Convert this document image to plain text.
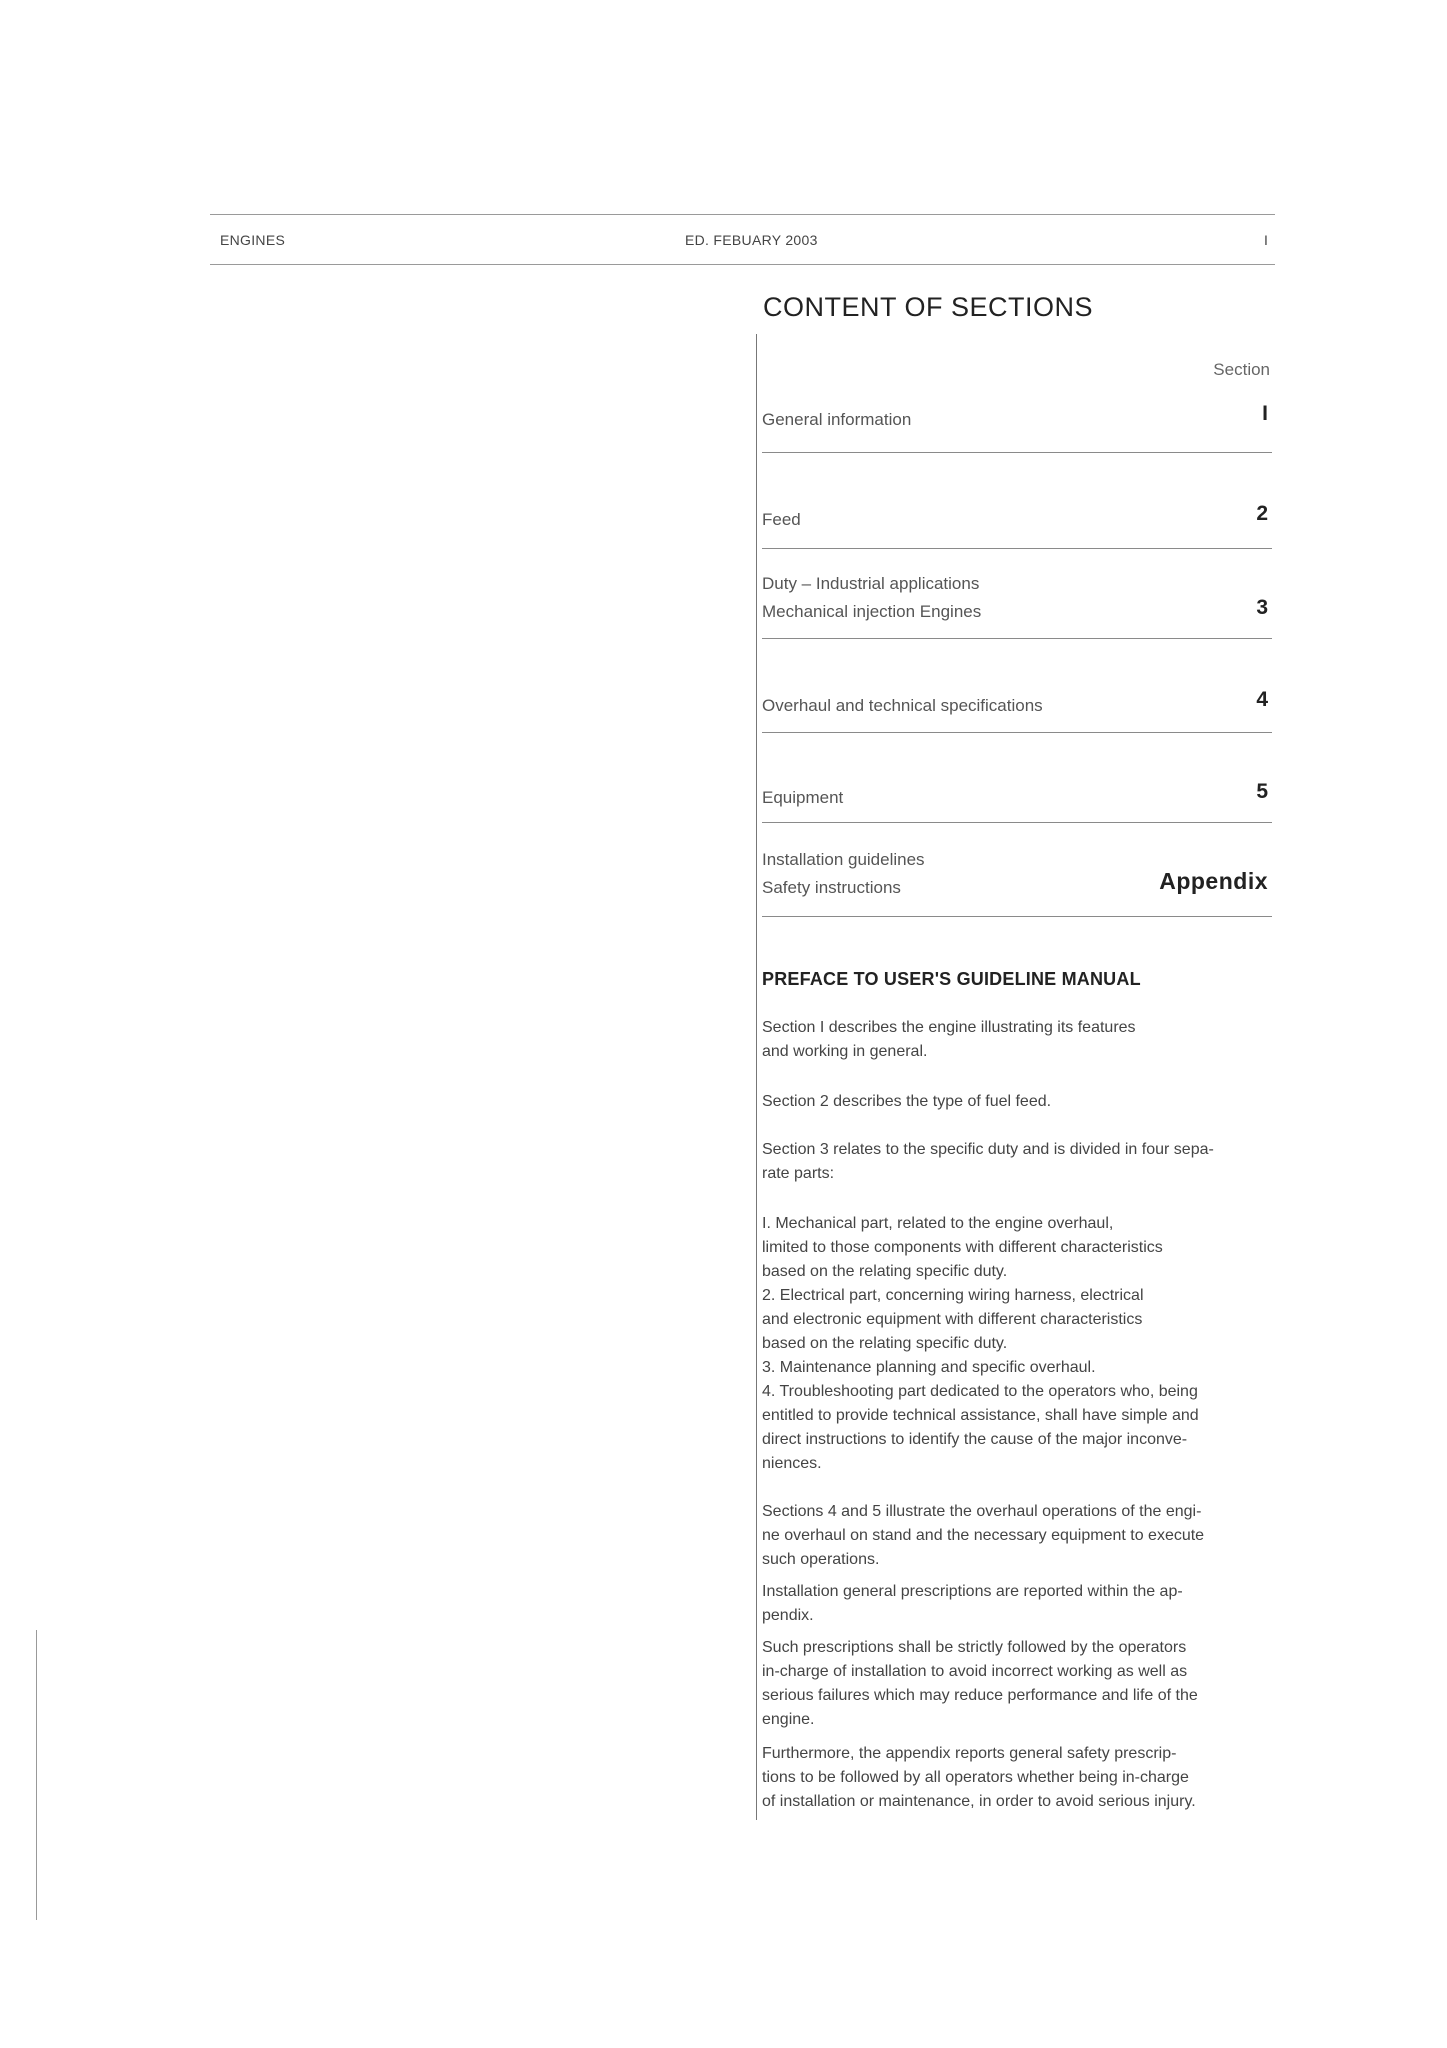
ENGINES	ED. FEBUARY 2003	I
CONTENT OF SECTIONS
Section
General information	I
Feed	2
Duty – Industrial applications
Mechanical injection Engines	3
Overhaul and technical specifications	4
Equipment	5
Installation guidelines
Safety instructions	Appendix
PREFACE TO USER'S GUIDELINE MANUAL
Section I describes the engine illustrating its features
and working in general.
Section 2 describes the type of fuel feed.
Section 3 relates to the specific duty and is divided in four sepa-
rate parts:
I. Mechanical part, related to the engine overhaul,
limited to those components with different characteristics
based on the relating specific duty.
2. Electrical part, concerning wiring harness, electrical
and electronic equipment with different characteristics
based on the relating specific duty.
3. Maintenance planning and specific overhaul.
4. Troubleshooting part dedicated to the operators who, being
entitled to provide technical assistance, shall have simple and
direct instructions to identify the cause of the major inconve-
niences.
Sections 4 and 5 illustrate the overhaul operations of the engi-
ne overhaul on stand and the necessary equipment to execute
such operations.
Installation general prescriptions are reported within the ap-
pendix.
Such prescriptions shall be strictly followed by the operators
in-charge of installation to avoid incorrect working as well as
serious failures which may reduce performance and life of the
engine.
Furthermore, the appendix reports general safety prescrip-
tions to be followed by all operators whether being in-charge
of installation or maintenance, in order to avoid serious injury.
